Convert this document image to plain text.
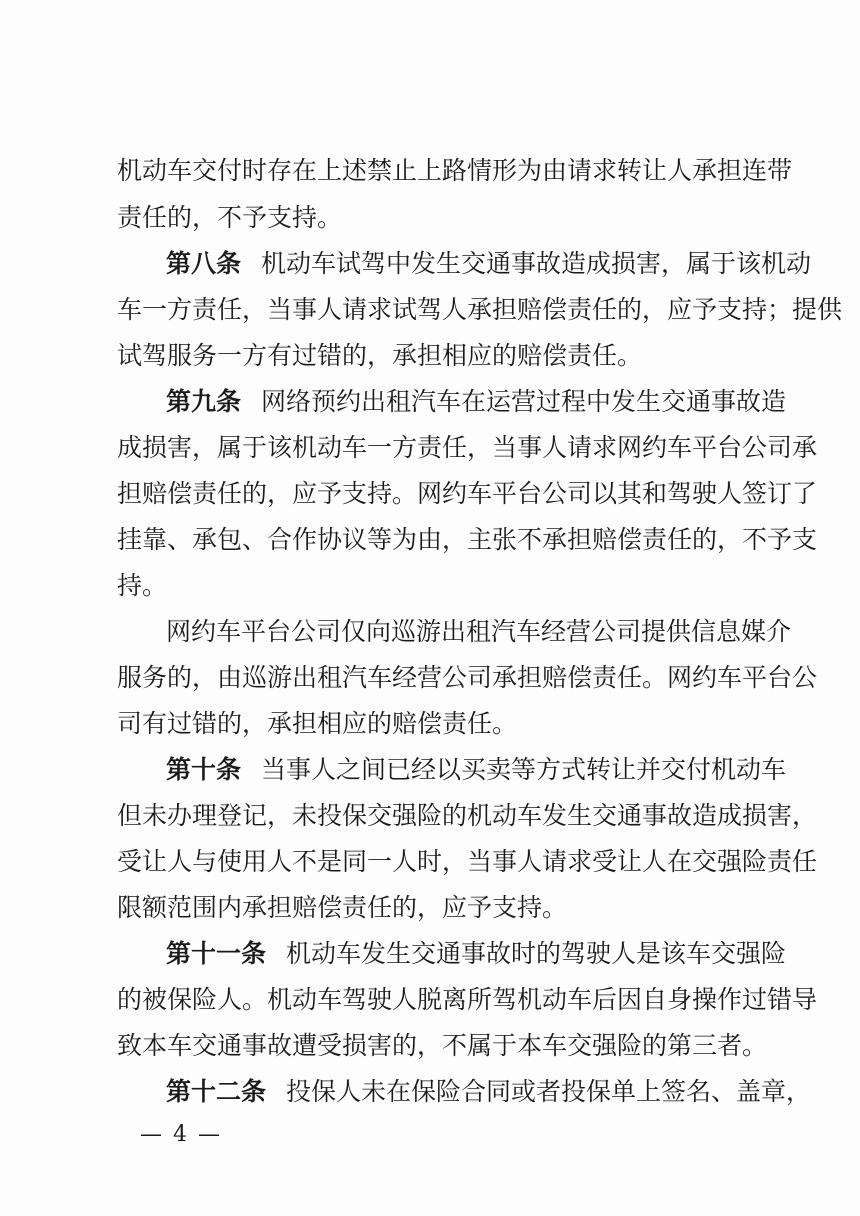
机动车交付时存在上述禁止上路情形为由请求转让人承担连带
责任的，不予支持。
第八条 机动车试驾中发生交通事故造成损害，属于该机动
车一方责任，当事人请求试驾人承担赔偿责任的，应予支持；提供
试驾服务一方有过错的，承担相应的赔偿责任。
第九条 网络预约出租汽车在运营过程中发生交通事故造
成损害，属于该机动车一方责任，当事人请求网约车平台公司承
担赔偿责任的，应予支持。网约车平台公司以其和驾驶人签订了
挂靠、承包、合作协议等为由，主张不承担赔偿责任的，不予支
持。
网约车平台公司仅向巡游出租汽车经营公司提供信息媒介
服务的，由巡游出租汽车经营公司承担赔偿责任。网约车平台公
司有过错的，承担相应的赔偿责任。
第十条 当事人之间已经以买卖等方式转让并交付机动车
但未办理登记，未投保交强险的机动车发生交通事故造成损害，
受让人与使用人不是同一人时，当事人请求受让人在交强险责任
限额范围内承担赔偿责任的，应予支持。
第十一条 机动车发生交通事故时的驾驶人是该车交强险
的被保险人。机动车驾驶人脱离所驾机动车后因自身操作过错导
致本车交通事故遭受损害的，不属于本车交强险的第三者。
第十二条 投保人未在保险合同或者投保单上签名、盖章，
— 4 —
